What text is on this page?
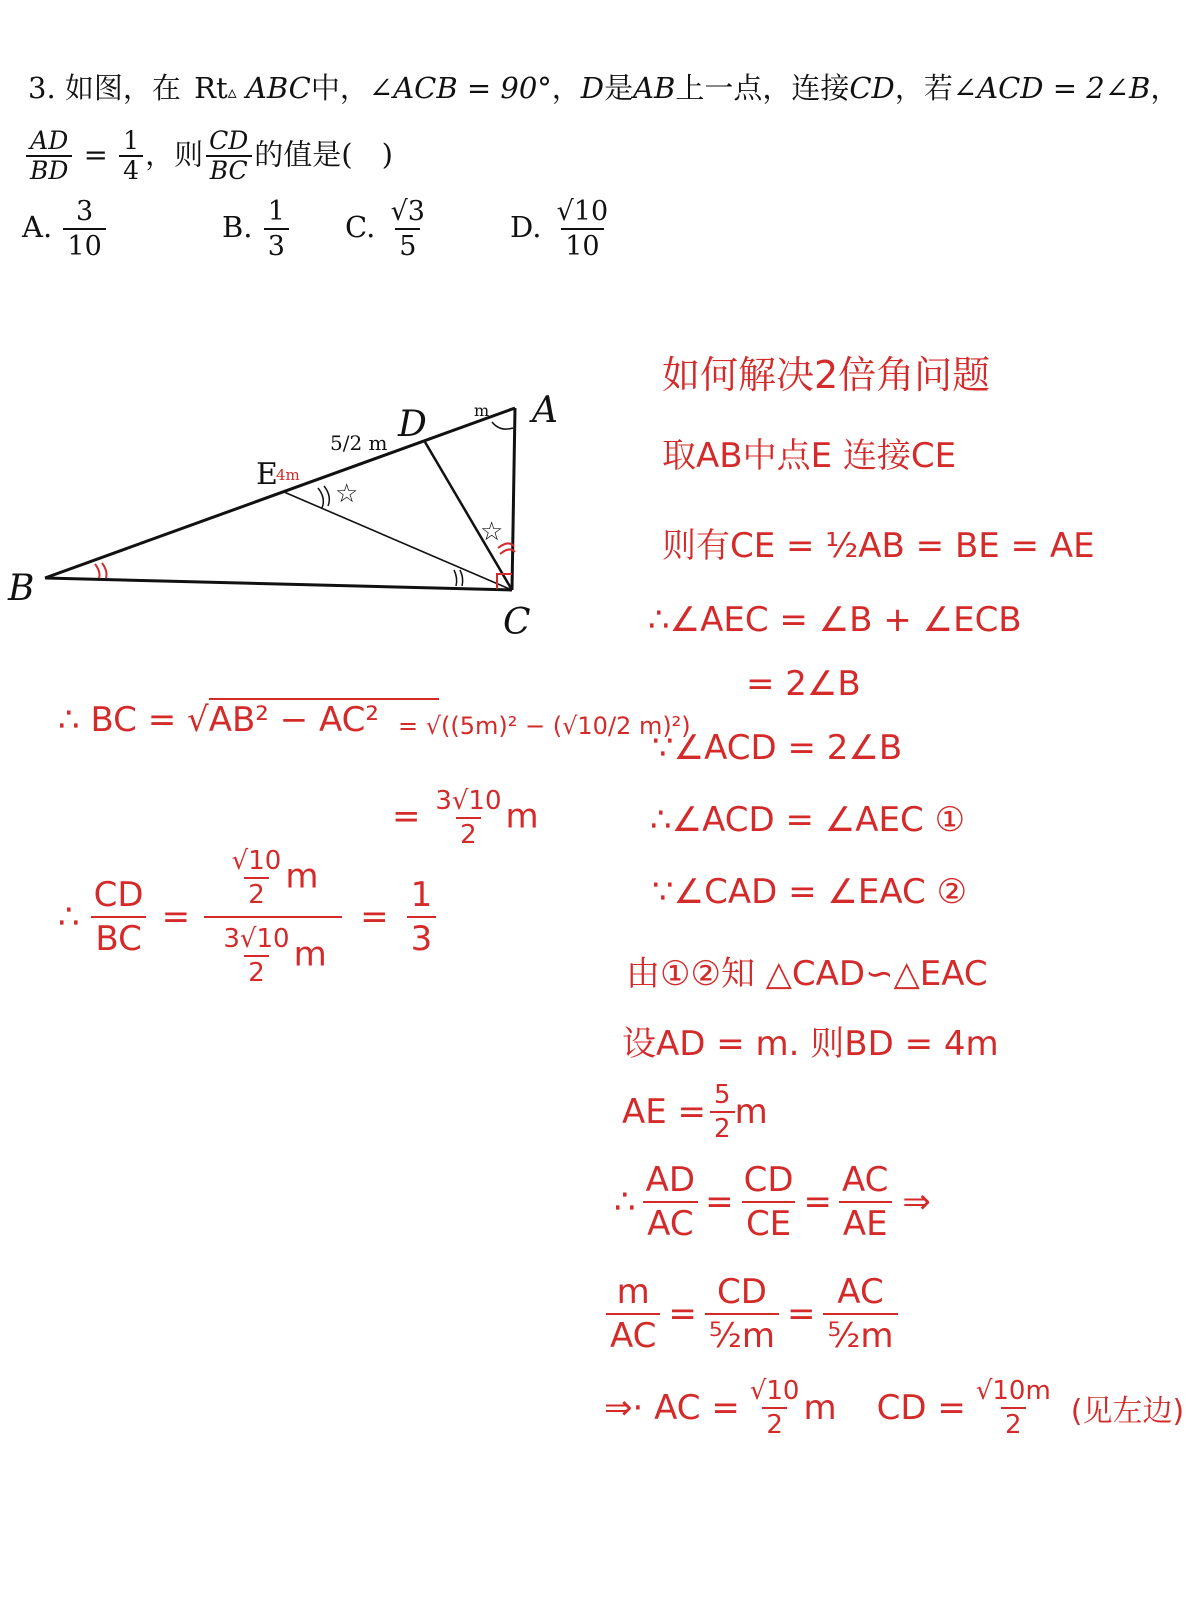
3. 如图，在 Rt▵ ABC中，∠ACB = 90°，D是AB上一点，连接CD，若∠ACD = 2∠B，
$\frac{AD}{BD} = \frac{1}{4}$ ，则 $\frac{CD}{BC}$ 的值是(　)
A. $\frac{3}{10}$	B. $\frac{1}{3} C$. $\frac{√3}{5}$	D. $\frac{√10}{10}$
☆
☆
B
A
C
D
E
5/2 m
4m
m
∴ BC = √AB² − AC² = √((5m)² − (√10/2 m)²)
= $\frac{3√10}{2}$ m
∴ $\frac{CD}{BC} = \frac{\frac{√10}{2} m}{\frac{3√10}{2} m} = \frac{1}{3}$
如何解决2倍角问题
取AB中点E 连接CE
则有CE = ½AB = BE = AE
∴∠AEC = ∠B + ∠ECB
= 2∠B
∵∠ACD = 2∠B
∴∠ACD = ∠AEC ①
∵∠CAD = ∠EAC ②
由①②知 △CAD∽△EAC
设AD = m. 则BD = 4m
AE = $\frac{5}{2}$ m
∴ $\frac{AD}{AC} = \frac{CD}{CE} = \frac{AC}{AE}$ ⇒
$\frac{m}{AC} = \frac{CD}{\text{⁵⁄₂m}} = \frac{AC}{\text{⁵⁄₂m}}$
⇒· AC = $\frac{√10}{2}$ m CD = $\frac{√10m}{2}$ (见左边)
